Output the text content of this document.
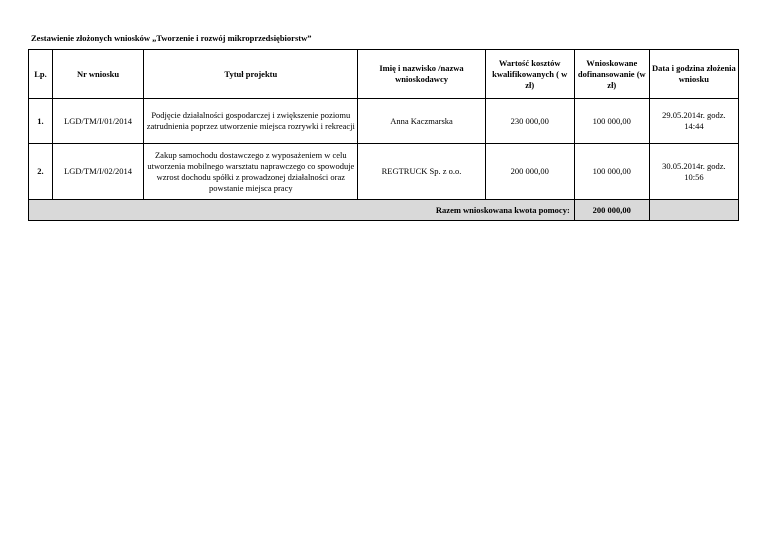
Zestawienie złożonych wniosków „Tworzenie i rozwój mikroprzedsiębiorstw”
Lp.	Nr wniosku	Tytuł projektu	Imię i nazwisko /nazwa wnioskodawcy	Wartość kosztów kwalifikowanych ( w zł)	Wnioskowane dofinansowanie (w zł)	Data i godzina złożenia wniosku
1.	LGD/TM/I/01/2014	Podjęcie działalności gospodarczej i zwiększenie poziomu zatrudnienia poprzez utworzenie miejsca rozrywki i rekreacji	Anna Kaczmarska	230 000,00	100 000,00	29.05.2014r. godz. 14:44
2.	LGD/TM/I/02/2014	Zakup samochodu dostawczego z wyposażeniem w celu utworzenia mobilnego warsztatu naprawczego co spowoduje wzrost dochodu spółki z prowadzonej działalności oraz powstanie miejsca pracy	REGTRUCK Sp. z o.o.	200 000,00	100 000,00	30.05.2014r. godz. 10:56
Razem wnioskowana kwota pomocy:					200 000,00	
